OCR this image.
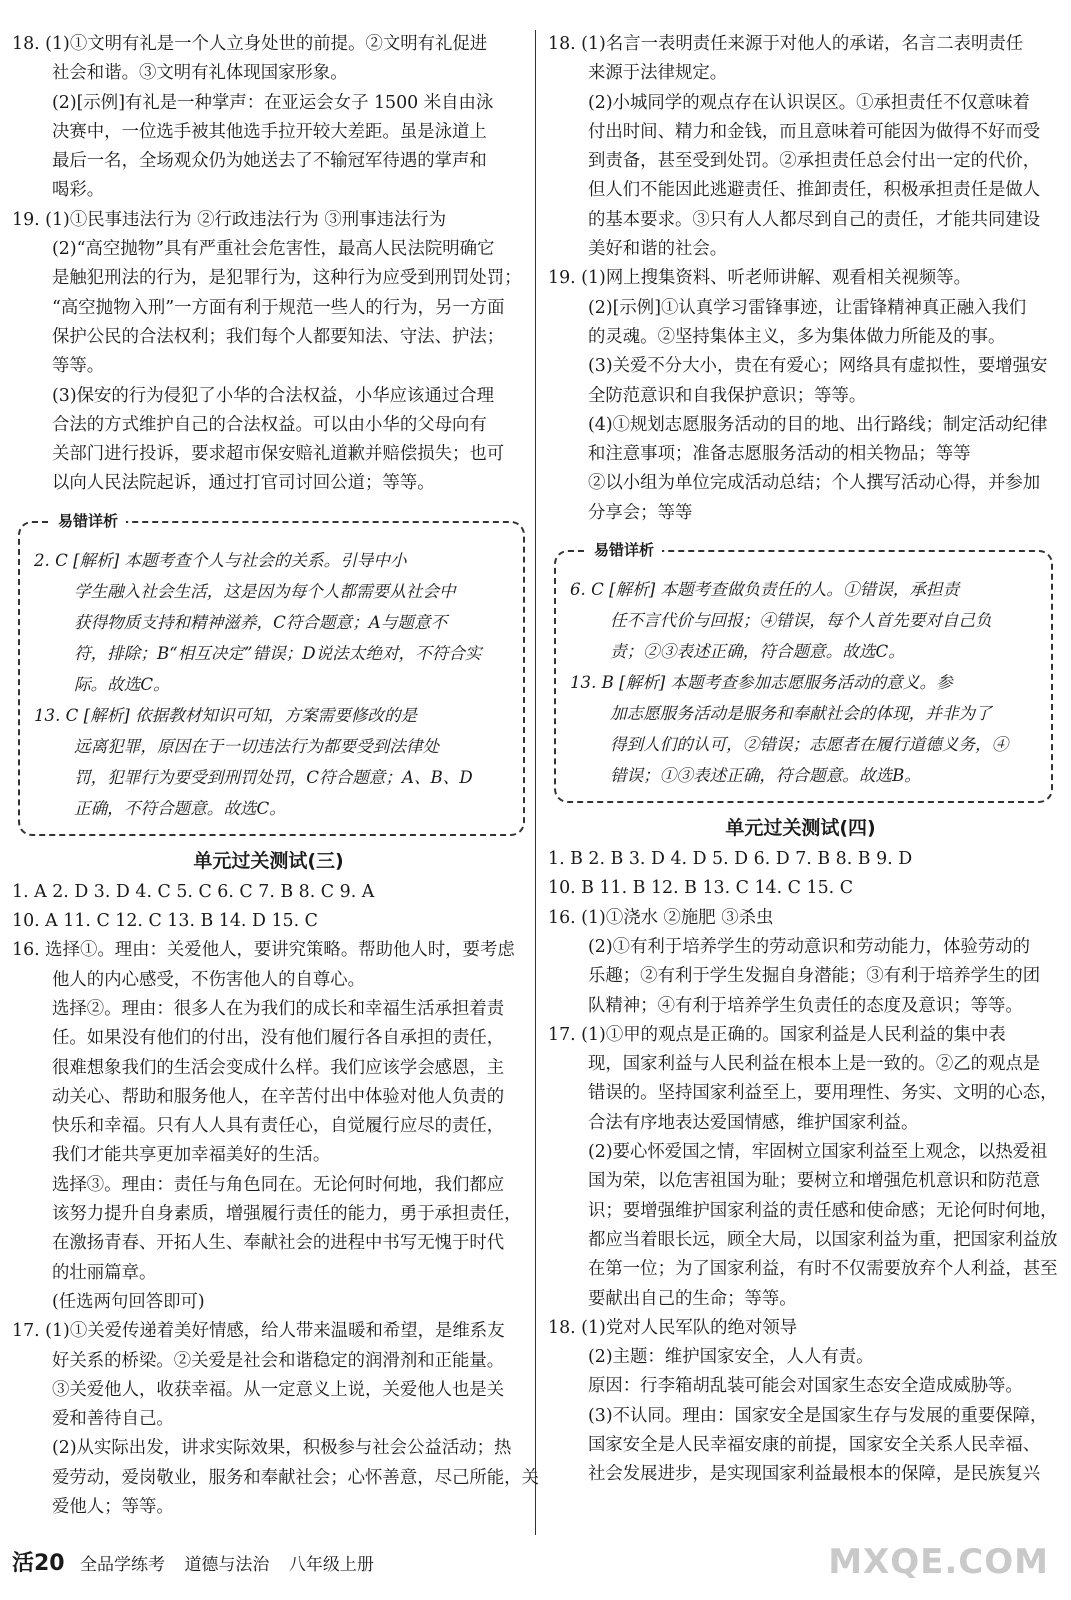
18. (1)①文明有礼是一个人立身处世的前提。②文明有礼促进
社会和谐。③文明有礼体现国家形象。
(2)[示例]有礼是一种掌声：在亚运会女子 1500 米自由泳
决赛中，一位选手被其他选手拉开较大差距。虽是泳道上
最后一名，全场观众仍为她送去了不输冠军待遇的掌声和
喝彩。
19. (1)①民事违法行为 ②行政违法行为 ③刑事违法行为
(2)“高空抛物”具有严重社会危害性，最高人民法院明确它
是触犯刑法的行为，是犯罪行为，这种行为应受到刑罚处罚；
“高空抛物入刑”一方面有利于规范一些人的行为，另一方面
保护公民的合法权利；我们每个人都要知法、守法、护法；
等等。
(3)保安的行为侵犯了小华的合法权益，小华应该通过合理
合法的方式维护自己的合法权益。可以由小华的父母向有
关部门进行投诉，要求超市保安赔礼道歉并赔偿损失；也可
以向人民法院起诉，通过打官司讨回公道；等等。
易错详析
2. C [解析] 本题考查个人与社会的关系。引导中小
学生融入社会生活，这是因为每个人都需要从社会中
获得物质支持和精神滋养，C符合题意；A与题意不
符，排除；B“相互决定”错误；D说法太绝对，不符合实
际。故选C。
13. C [解析] 依据教材知识可知，方案需要修改的是
远离犯罪，原因在于一切违法行为都要受到法律处
罚，犯罪行为要受到刑罚处罚，C符合题意；A、B、D
正确，不符合题意。故选C。
单元过关测试(三)
1. A 2. D 3. D 4. C 5. C 6. C 7. B 8. C 9. A
10. A 11. C 12. C 13. B 14. D 15. C
16. 选择①。理由：关爱他人，要讲究策略。帮助他人时，要考虑
他人的内心感受，不伤害他人的自尊心。
选择②。理由：很多人在为我们的成长和幸福生活承担着责
任。如果没有他们的付出，没有他们履行各自承担的责任，
很难想象我们的生活会变成什么样。我们应该学会感恩，主
动关心、帮助和服务他人，在辛苦付出中体验对他人负责的
快乐和幸福。只有人人具有责任心，自觉履行应尽的责任，
我们才能共享更加幸福美好的生活。
选择③。理由：责任与角色同在。无论何时何地，我们都应
该努力提升自身素质，增强履行责任的能力，勇于承担责任，
在激扬青春、开拓人生、奉献社会的进程中书写无愧于时代
的壮丽篇章。
(任选两句回答即可)
17. (1)①关爱传递着美好情感，给人带来温暖和希望，是维系友
好关系的桥梁。②关爱是社会和谐稳定的润滑剂和正能量。
③关爱他人，收获幸福。从一定意义上说，关爱他人也是关
爱和善待自己。
(2)从实际出发，讲求实际效果，积极参与社会公益活动；热
爱劳动，爱岗敬业，服务和奉献社会；心怀善意，尽己所能，关
爱他人；等等。
18. (1)名言一表明责任来源于对他人的承诺，名言二表明责任
来源于法律规定。
(2)小城同学的观点存在认识误区。①承担责任不仅意味着
付出时间、精力和金钱，而且意味着可能因为做得不好而受
到责备，甚至受到处罚。②承担责任总会付出一定的代价，
但人们不能因此逃避责任、推卸责任，积极承担责任是做人
的基本要求。③只有人人都尽到自己的责任，才能共同建设
美好和谐的社会。
19. (1)网上搜集资料、听老师讲解、观看相关视频等。
(2)[示例]①认真学习雷锋事迹，让雷锋精神真正融入我们
的灵魂。②坚持集体主义，多为集体做力所能及的事。
(3)关爱不分大小，贵在有爱心；网络具有虚拟性，要增强安
全防范意识和自我保护意识；等等。
(4)①规划志愿服务活动的目的地、出行路线；制定活动纪律
和注意事项；准备志愿服务活动的相关物品；等等
②以小组为单位完成活动总结；个人撰写活动心得，并参加
分享会；等等
易错详析
6. C [解析] 本题考查做负责任的人。①错误，承担责
任不言代价与回报；④错误，每个人首先要对自己负
责；②③表述正确，符合题意。故选C。
13. B [解析] 本题考查参加志愿服务活动的意义。参
加志愿服务活动是服务和奉献社会的体现，并非为了
得到人们的认可，②错误；志愿者在履行道德义务，④
错误；①③表述正确，符合题意。故选B。
单元过关测试(四)
1. B 2. B 3. D 4. D 5. D 6. D 7. B 8. B 9. D
10. B 11. B 12. B 13. C 14. C 15. C
16. (1)①浇水 ②施肥 ③杀虫
(2)①有利于培养学生的劳动意识和劳动能力，体验劳动的
乐趣；②有利于学生发掘自身潜能；③有利于培养学生的团
队精神；④有利于培养学生负责任的态度及意识；等等。
17. (1)①甲的观点是正确的。国家利益是人民利益的集中表
现，国家利益与人民利益在根本上是一致的。②乙的观点是
错误的。坚持国家利益至上，要用理性、务实、文明的心态，
合法有序地表达爱国情感，维护国家利益。
(2)要心怀爱国之情，牢固树立国家利益至上观念，以热爱祖
国为荣，以危害祖国为耻；要树立和增强危机意识和防范意
识；要增强维护国家利益的责任感和使命感；无论何时何地，
都应当着眼长远，顾全大局，以国家利益为重，把国家利益放
在第一位；为了国家利益，有时不仅需要放弃个人利益，甚至
要献出自己的生命；等等。
18. (1)党对人民军队的绝对领导
(2)主题：维护国家安全，人人有责。
原因：行李箱胡乱装可能会对国家生态安全造成威胁等。
(3)不认同。理由：国家安全是国家生存与发展的重要保障，
国家安全是人民幸福安康的前提，国家安全关系人民幸福、
社会发展进步，是实现国家利益最根本的保障，是民族复兴
活20 全品学练考 道德与法治 八年级上册	MXQE.COM
